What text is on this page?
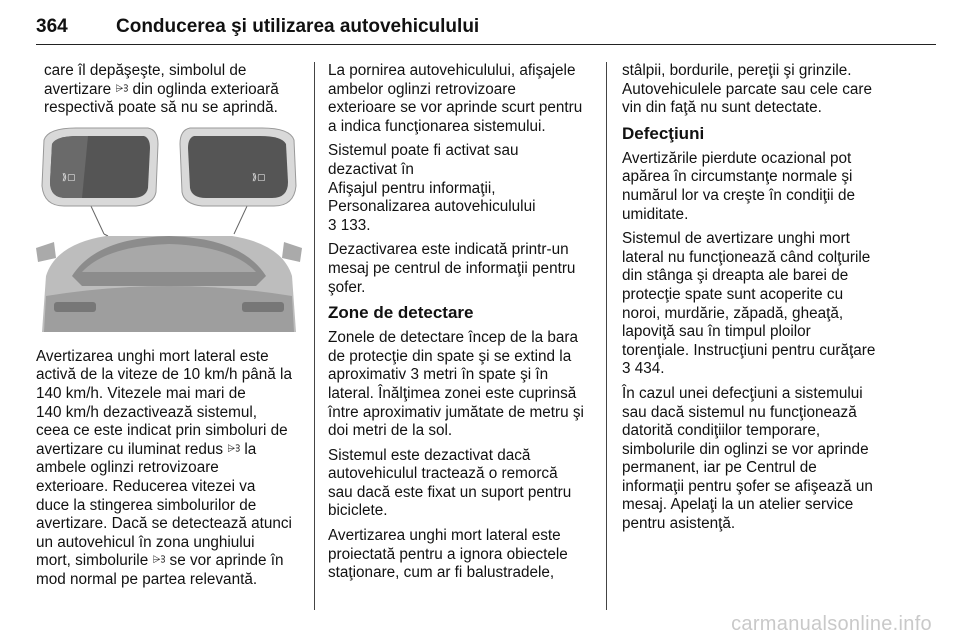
364	Conducerea şi utilizarea autovehiculului

care îl depăşeşte, simbolul de
avertizare ⩥ᢃ din oglinda exterioară
respectivă poate să nu se aprindă.

⟫▢	⟫▢

Avertizarea unghi mort lateral este
activă de la viteze de 10 km/h până la
140 km/h. Vitezele mai mari de
140 km/h dezactivează sistemul,
ceea ce este indicat prin simboluri de
avertizare cu iluminat redus ⩥ᢃ la
ambele oglinzi retrovizoare
exterioare. Reducerea vitezei va
duce la stingerea simbolurilor de
avertizare. Dacă se detectează atunci
un autovehicul în zona unghiului
mort, simbolurile ⩥ᢃ se vor aprinde în
mod normal pe partea relevantă.

La pornirea autovehiculului, afişajele
ambelor oglinzi retrovizoare
exterioare se vor aprinde scurt pentru
a indica funcţionarea sistemului.

Sistemul poate fi activat sau
dezactivat în
Afişajul pentru informaţii,
Personalizarea autovehiculului
3 133.

Dezactivarea este indicată printr-un
mesaj pe centrul de informaţii pentru
şofer.

Zone de detectare

Zonele de detectare încep de la bara
de protecţie din spate şi se extind la
aproximativ 3 metri în spate şi în
lateral. Înălţimea zonei este cuprinsă
între aproximativ jumătate de metru şi
doi metri de la sol.

Sistemul este dezactivat dacă
autovehiculul tractează o remorcă
sau dacă este fixat un suport pentru
biciclete.

Avertizarea unghi mort lateral este
proiectată pentru a ignora obiectele
staţionare, cum ar fi balustradele,

stâlpii, bordurile, pereţii şi grinzile.
Autovehiculele parcate sau cele care
vin din faţă nu sunt detectate.

Defecţiuni

Avertizările pierdute ocazional pot
apărea în circumstanţe normale şi
numărul lor va creşte în condiţii de
umiditate.

Sistemul de avertizare unghi mort
lateral nu funcţionează când colţurile
din stânga şi dreapta ale barei de
protecţie spate sunt acoperite cu
noroi, murdărie, zăpadă, gheaţă,
lapoviţă sau în timpul ploilor
torenţiale. Instrucţiuni pentru curăţare
3 434.

În cazul unei defecţiuni a sistemului
sau dacă sistemul nu funcţionează
datorită condiţiilor temporare,
simbolurile din oglinzi se vor aprinde
permanent, iar pe Centrul de
informaţii pentru şofer se afişează un
mesaj. Apelaţi la un atelier service
pentru asistenţă.

carmanualsonline.info
